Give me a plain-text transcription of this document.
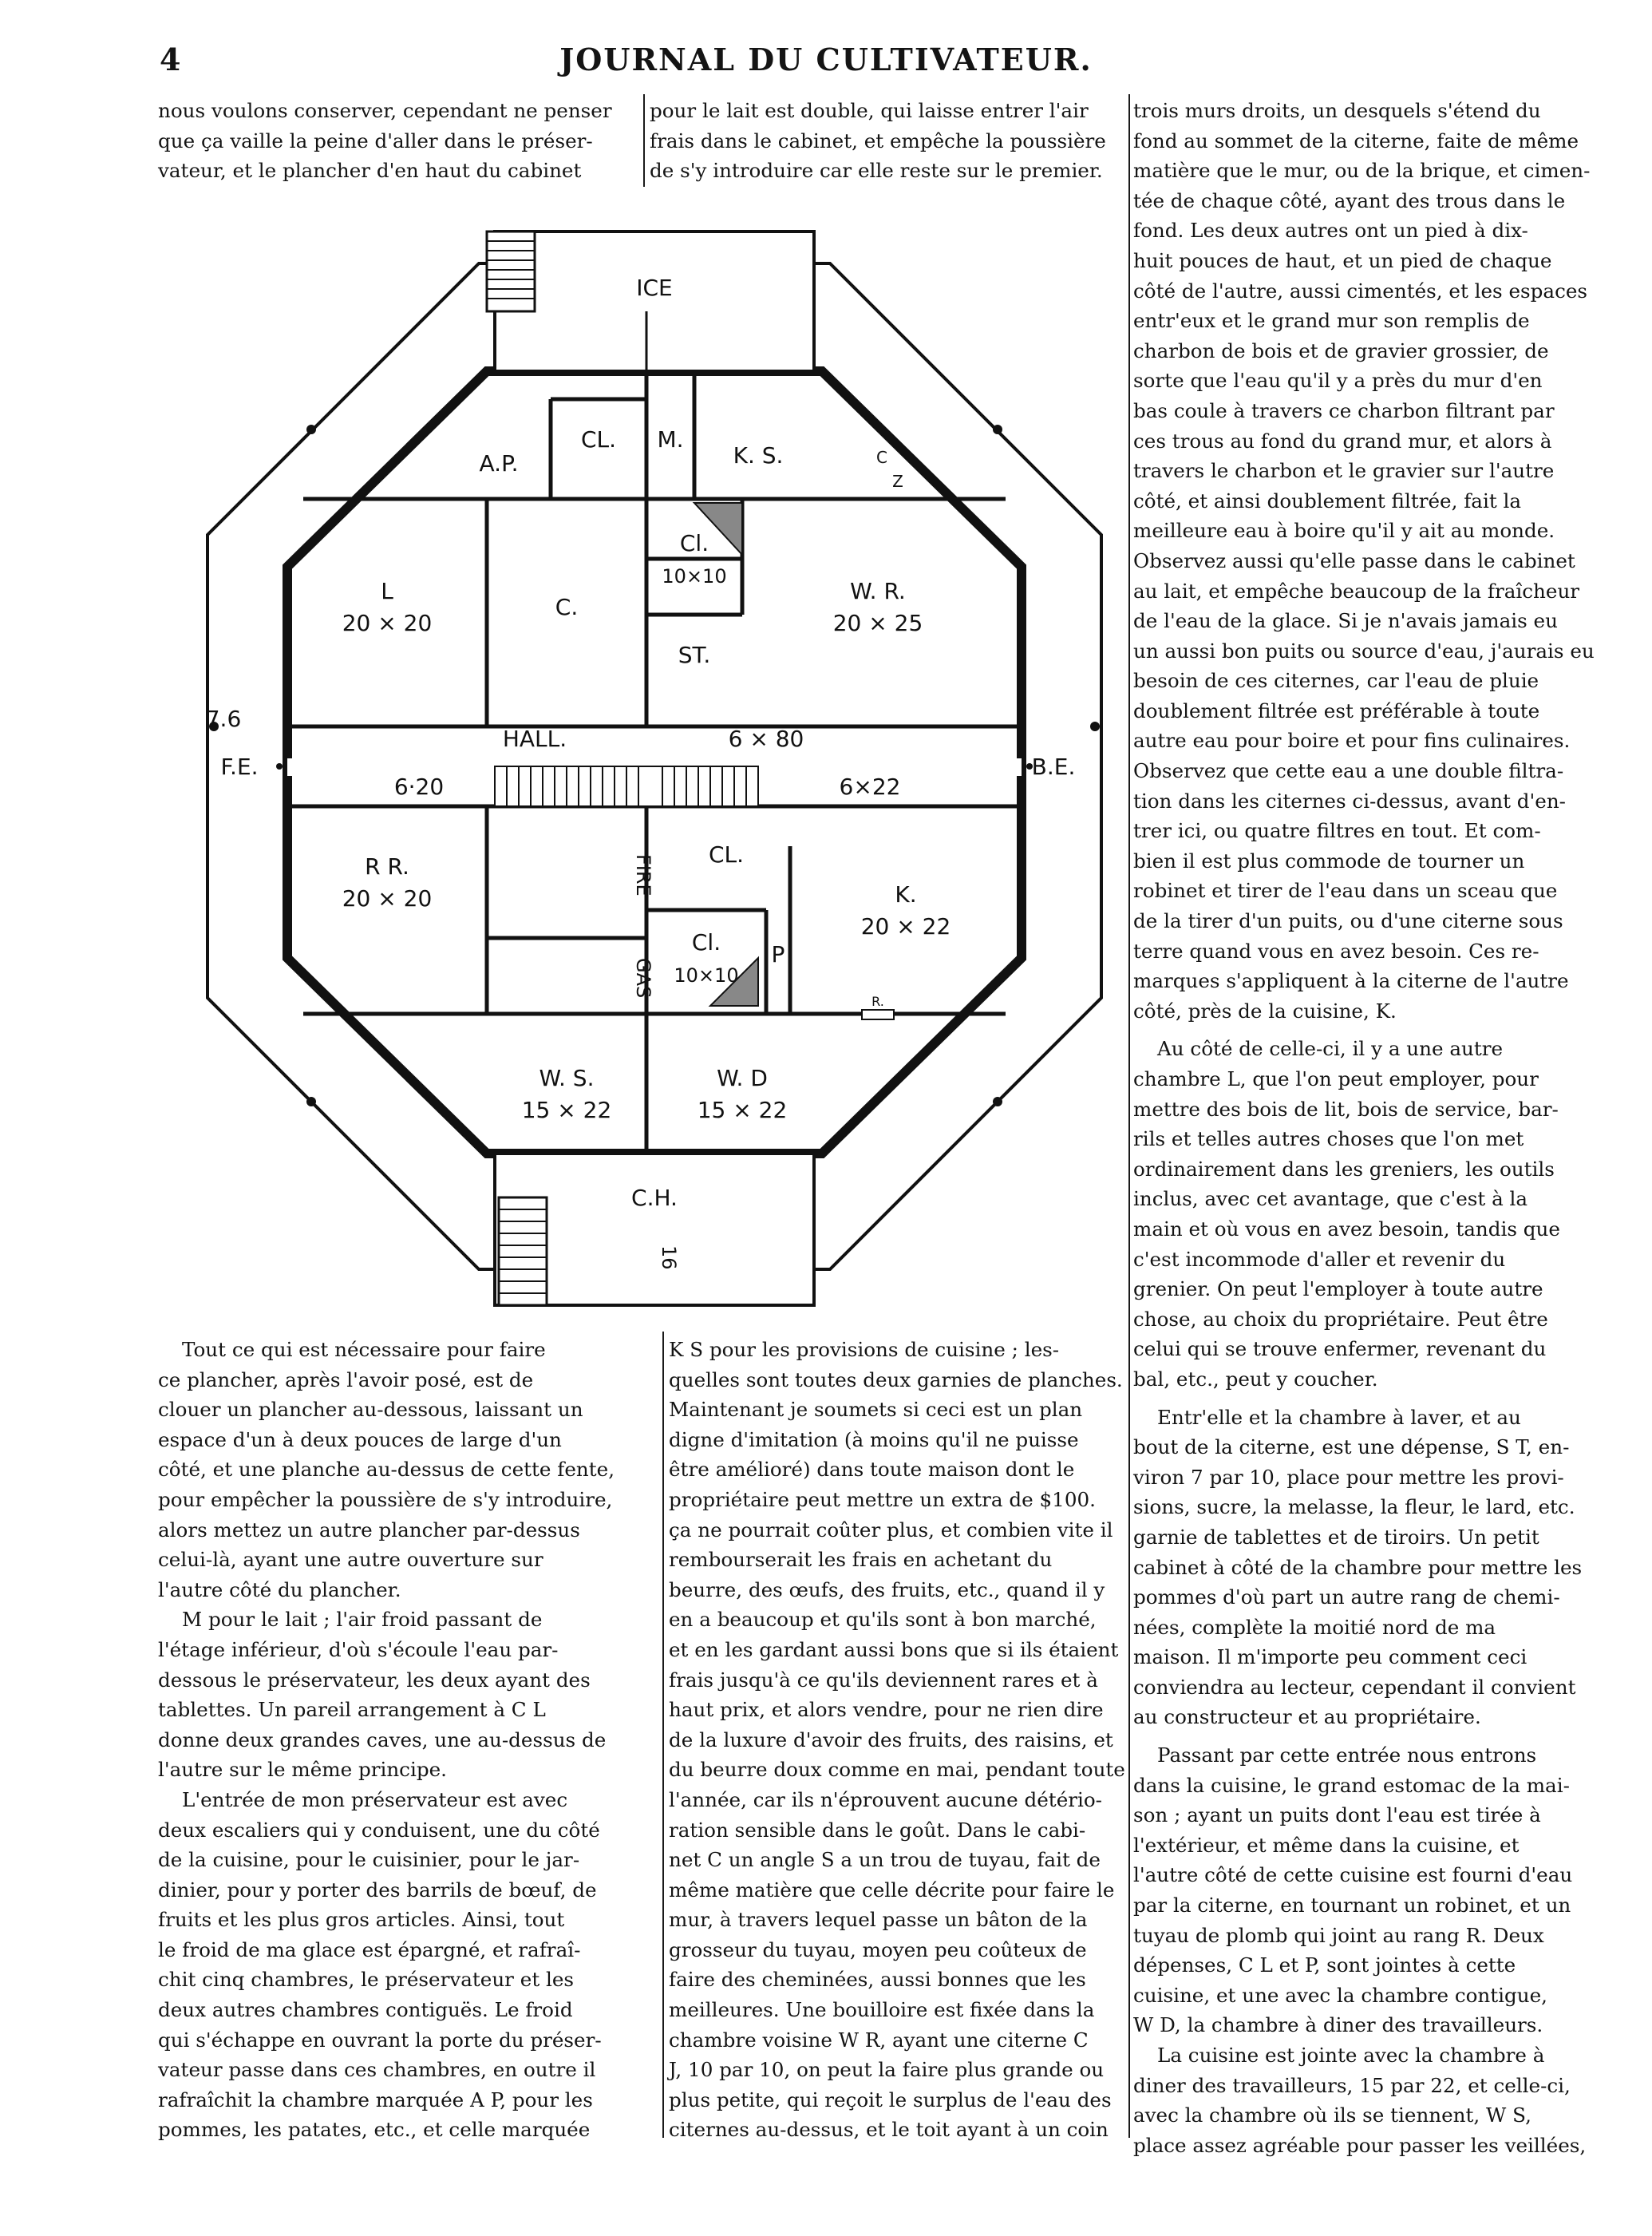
4	JOURNAL DU CULTIVATEUR.

nous voulons conserver, cependant ne penser

que ça vaille la peine d'aller dans le préser-

vateur, et le plancher d'en haut du cabinet

pour le lait est double, qui laisse entrer l'air

frais dans le cabinet, et empêche la poussière

de s'y introduire car elle reste sur le premier.

ICE
A.P.
CL. M.
K. S.	C
Z
L
20 × 20
C.
Cl.
10×10
ST.
W. R.
20 × 25
7.6
F.E.	B.E.
HALL.	6 × 80
6·20	6×22
R R.
20 × 20
FIRE
GAS
CL.
Cl.
10×10
P
K.
20 × 22
R.
W. S.
15 × 22
W. D
15 × 22
C.H.
16

trois murs droits, un desquels s'étend du

fond au sommet de la citerne, faite de même

matière que le mur, ou de la brique, et cimen-

tée de chaque côté, ayant des trous dans le

fond. Les deux autres ont un pied à dix-

huit pouces de haut, et un pied de chaque

côté de l'autre, aussi cimentés, et les espaces

entr'eux et le grand mur son remplis de

charbon de bois et de gravier grossier, de

sorte que l'eau qu'il y a près du mur d'en

bas coule à travers ce charbon filtrant par

ces trous au fond du grand mur, et alors à

travers le charbon et le gravier sur l'autre

côté, et ainsi doublement filtrée, fait la

meilleure eau à boire qu'il y ait au monde.

Observez aussi qu'elle passe dans le cabinet

au lait, et empêche beaucoup de la fraîcheur

de l'eau de la glace. Si je n'avais jamais eu

un aussi bon puits ou source d'eau, j'aurais eu

besoin de ces citernes, car l'eau de pluie

doublement filtrée est préférable à toute

autre eau pour boire et pour fins culinaires.

Observez que cette eau a une double filtra-

tion dans les citernes ci-dessus, avant d'en-

trer ici, ou quatre filtres en tout. Et com-

bien il est plus commode de tourner un

robinet et tirer de l'eau dans un sceau que

de la tirer d'un puits, ou d'une citerne sous

terre quand vous en avez besoin. Ces re-

marques s'appliquent à la citerne de l'autre

côté, près de la cuisine, K.

Au côté de celle-ci, il y a une autre

chambre L, que l'on peut employer, pour

mettre des bois de lit, bois de service, bar-

rils et telles autres choses que l'on met

ordinairement dans les greniers, les outils

inclus, avec cet avantage, que c'est à la

main et où vous en avez besoin, tandis que

c'est incommode d'aller et revenir du

grenier. On peut l'employer à toute autre

chose, au choix du propriétaire. Peut être

celui qui se trouve enfermer, revenant du

bal, etc., peut y coucher.

Entr'elle et la chambre à laver, et au

bout de la citerne, est une dépense, S T, en-

viron 7 par 10, place pour mettre les provi-

sions, sucre, la melasse, la fleur, le lard, etc.

garnie de tablettes et de tiroirs. Un petit

cabinet à côté de la chambre pour mettre les

pommes d'où part un autre rang de chemi-

nées, complète la moitié nord de ma

maison. Il m'importe peu comment ceci

conviendra au lecteur, cependant il convient

au constructeur et au propriétaire.

Passant par cette entrée nous entrons

dans la cuisine, le grand estomac de la mai-

son ; ayant un puits dont l'eau est tirée à

l'extérieur, et même dans la cuisine, et

l'autre côté de cette cuisine est fourni d'eau

par la citerne, en tournant un robinet, et un

tuyau de plomb qui joint au rang R. Deux

dépenses, C L et P, sont jointes à cette

cuisine, et une avec la chambre contigue,

W D, la chambre à diner des travailleurs.

La cuisine est jointe avec la chambre à

diner des travailleurs, 15 par 22, et celle-ci,

avec la chambre où ils se tiennent, W S,

place assez agréable pour passer les veillées,

Tout ce qui est nécessaire pour faire

ce plancher, après l'avoir posé, est de

clouer un plancher au-dessous, laissant un

espace d'un à deux pouces de large d'un

côté, et une planche au-dessus de cette fente,

pour empêcher la poussière de s'y introduire,

alors mettez un autre plancher par-dessus

celui-là, ayant une autre ouverture sur

l'autre côté du plancher.

M pour le lait ; l'air froid passant de

l'étage inférieur, d'où s'écoule l'eau par-

dessous le préservateur, les deux ayant des

tablettes. Un pareil arrangement à C L

donne deux grandes caves, une au-dessus de

l'autre sur le même principe.

L'entrée de mon préservateur est avec

deux escaliers qui y conduisent, une du côté

de la cuisine, pour le cuisinier, pour le jar-

dinier, pour y porter des barrils de bœuf, de

fruits et les plus gros articles. Ainsi, tout

le froid de ma glace est épargné, et rafraî-

chit cinq chambres, le préservateur et les

deux autres chambres contiguës. Le froid

qui s'échappe en ouvrant la porte du préser-

vateur passe dans ces chambres, en outre il

rafraîchit la chambre marquée A P, pour les

pommes, les patates, etc., et celle marquée

K S pour les provisions de cuisine ; les-

quelles sont toutes deux garnies de planches.

Maintenant je soumets si ceci est un plan

digne d'imitation (à moins qu'il ne puisse

être amélioré) dans toute maison dont le

propriétaire peut mettre un extra de $100.

ça ne pourrait coûter plus, et combien vite il

rembourserait les frais en achetant du

beurre, des œufs, des fruits, etc., quand il y

en a beaucoup et qu'ils sont à bon marché,

et en les gardant aussi bons que si ils étaient

frais jusqu'à ce qu'ils deviennent rares et à

haut prix, et alors vendre, pour ne rien dire

de la luxure d'avoir des fruits, des raisins, et

du beurre doux comme en mai, pendant toute

l'année, car ils n'éprouvent aucune détério-

ration sensible dans le goût. Dans le cabi-

net C un angle S a un trou de tuyau, fait de

même matière que celle décrite pour faire le

mur, à travers lequel passe un bâton de la

grosseur du tuyau, moyen peu coûteux de

faire des cheminées, aussi bonnes que les

meilleures. Une bouilloire est fixée dans la

chambre voisine W R, ayant une citerne C

J, 10 par 10, on peut la faire plus grande ou

plus petite, qui reçoit le surplus de l'eau des

citernes au-dessus, et le toit ayant à un coin
